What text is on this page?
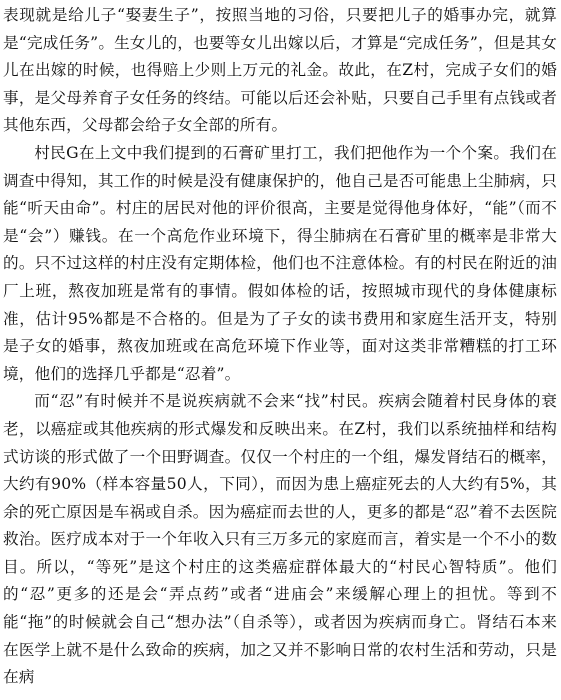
表现就是给儿子“娶妻生子”，按照当地的习俗，只要把儿子的婚事办完，就算是“完成任务”。生女儿的，也要等女儿出嫁以后，才算是“完成任务”，但是其女儿在出嫁的时候，也得赔上少则上万元的礼金。故此，在Z村，完成子女们的婚事，是父母养育子女任务的终结。可能以后还会补贴，只要自己手里有点钱或者其他东西，父母都会给子女全部的所有。

村民G在上文中我们提到的石膏矿里打工，我们把他作为一个个案。我们在调查中得知，其工作的时候是没有健康保护的，他自己是否可能患上尘肺病，只能“听天由命”。村庄的居民对他的评价很高，主要是觉得他身体好，“能”（而不是“会”）赚钱。在一个高危作业环境下，得尘肺病在石膏矿里的概率是非常大的。只不过这样的村庄没有定期体检，他们也不注意体检。有的村民在附近的油厂上班，熬夜加班是常有的事情。假如体检的话，按照城市现代的身体健康标准，估计95%都是不合格的。但是为了子女的读书费用和家庭生活开支，特别是子女的婚事，熬夜加班或在高危环境下作业等，面对这类非常糟糕的打工环境，他们的选择几乎都是“忍着”。

而“忍”有时候并不是说疾病就不会来“找”村民。疾病会随着村民身体的衰老，以癌症或其他疾病的形式爆发和反映出来。在Z村，我们以系统抽样和结构式访谈的形式做了一个田野调查。仅仅一个村庄的一个组，爆发肾结石的概率，大约有90%（样本容量50人，下同），而因为患上癌症死去的人大约有5%，其余的死亡原因是车祸或自杀。因为癌症而去世的人，更多的都是“忍”着不去医院救治。医疗成本对于一个年收入只有三万多元的家庭而言，着实是一个不小的数目。所以，“等死”是这个村庄的这类癌症群体最大的“村民心智特质”。他们的“忍”更多的还是会“弄点药”或者“进庙会”来缓解心理上的担忧。等到不能“拖”的时候就会自己“想办法”（自杀等），或者因为疾病而身亡。肾结石本来在医学上就不是什么致命的疾病，加之又并不影响日常的农村生活和劳动，只是在病
